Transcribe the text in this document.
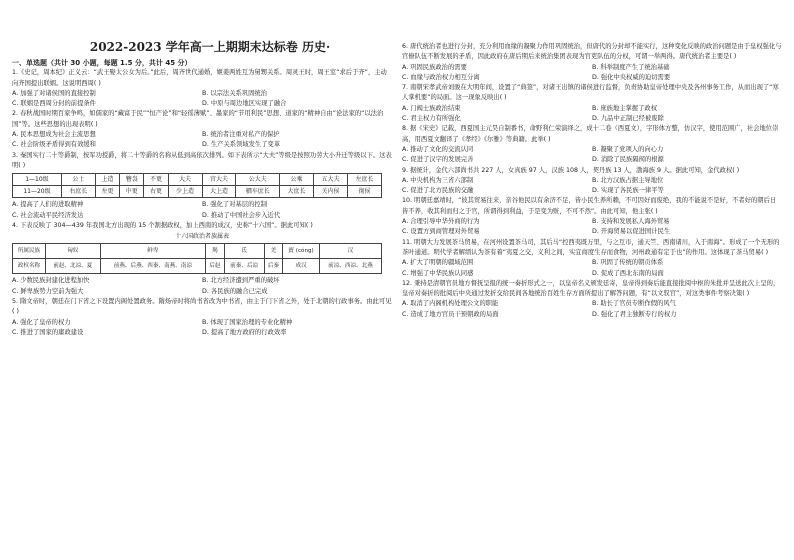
2022-2023 学年高一上期期末达标卷 历史·
一、单选题（共计 30 小题，每题 1.5 分，共计 45 分）

1.《史记，周本纪》正义云：“武王娶太公女为后。”此后，周齐世代通婚，姬姜两姓互为舅甥关系。周灵王时，周王室“求后于齐”，主动向齐国提出联姻。这说明西周( )

A. 加强了对诸侯国的直接控制	B. 以宗法关系巩固统治
C. 联姻是西周分封的前提条件	D. 中原与周边地区实现了融合

2. 春秋战国时期百家争鸣，如儒家的“藏富于民”“恒产论”和“轻徭薄赋”、墨家的“节用利民”思想、道家的“精神自由”论法家的“以法治国”等。这些思想的出现表明( )

A. 民本思想成为社会主流思想	B. 统治者注重对私产的保护
C. 社会阶级矛盾得到有效缓和	D. 生产关系领域发生了变革

3. 秦国实行二十等爵制，按军功授爵，将二十等爵的名称从低到高依次排列。如下表所示“大夫”等级是按照功劳大小升迁等级以下。这表明( )

1—10级	公士	上造	簪袅	不更	大夫	官大夫	公大夫	公乘	五大夫	左庶长
11—20级	右庶长	左更	中更	右更	少上造	大上造	驷车庶长	大庶长	关内侯	彻侯
A. 提高了人们的进取精神	B. 强化了对基层的控制
C. 社会流动平民经济发达	D. 推动了中国社会步入近代

4. 下表反映了 304—439 年我国北方出现的 15 个割据政权，加上西南的成汉，史称“十六国”。据此可知( )

十六国政治者族属表
所属民族	匈奴	鲜卑	羯	氐	羌	賨 (cóng)	汉
政权名称	前赵、北凉、夏	前燕、后燕、西秦、南燕、南凉	后赵	前秦、后凉	后秦	成汉	前凉、西凉、北燕
A. 少数民族封建化进程加快	B. 北方经济遭到严重的破坏
C. 鲜卑族势力空前为强大	D. 各民族的融合已完成

5. 隋文帝时，朝廷在门下省之下设置内阁处置政务。隋炀帝时将尚书省改为中书省，由主于门下省之外，处于北朝的行政事务。由此可见( )

A. 强化了皇帝的权力	B. 体现了国家治理的专业化精神
C. 推进了国家的庸政建设	D. 提高了地方政府的行政效率

6. 唐代统治者也进行分封，充分利用血缘的凝聚力作用巩固统治，但唐代的分封却不能实行，这种变化反映的政治问题是由于皇权强化与官僚队伍不断发展的矛盾，因此政府在唐后期后来统治集团表现为官吏队伍的分权，可谓一举两得。唐代统治者主要是( )

A. 巩固民族政治的需要	B. 科举制度产生了统治基础
C. 血缘与政治权力相互分离	D. 强化中央权威的迫切需要

7. 南朝宋孝武帝刘骏在大明年间，设置了“典签”，对诸王出镇的诸侯进行监督，负责协助皇帝处理中央及各州事务工作，从而出现了“寒人掌机要”的局面。这一现象反映出( )

A. 门阀士族政治结束	B. 庶族地主掌握了政权
C. 君主权力有所强化	D. 九品中正制已经被废除

8. 据《宋史》记载，西夏国主元昊自制番书，命野利仁荣演绎之，成十二卷（西夏文），字形体方整，仿汉字，使用范围广，社会地位崇高，用西夏文翻译了《孝经》《尔雅》等典籍。此举( )

A. 推动了文化的交流认同	B. 凝聚了党项人的向心力
C. 促进了汉字的发展完善	D. 消除了民族隔阂的根源

9. 据统计，金代六部尚书共 227 人，女真族 97 人，汉族 108 人，契丹族 13 人，渤海族 9 人。据此可知，金代政权( )

A. 中央机构为三省六部制	B. 北方汉族占据主导地位
C. 促进了北方民族的交融	D. 实现了各民族一律平等

10. 明朝廷嘉靖时，“彼其贸易往来，亲谷他民以有余济不足，皆小民生养所赖，不可因好而废绝，我的不能说不是好，不者好的朝后日皆不养，收其利而归之于官，所谓得到利益，于是变为赃，不可不然”。由此可知，他主张( )

A. 合理引导中华外商的行为	B. 支持和发展私人海外贸易
C. 设置方到商管理对外贸易	D. 开海贸易以促进国计民生

11. 明朝大力发展茶马贸易，在河州设置茶马司，其后马“控西夷既万里，与之互市，通天竺、西南诸川，入于南海”。形成了一个无形的茶叶通道。明代学者解缙认为茶有着“夷夏之交，义利之间，实宜商度生存而食物，河州政通有定于也”的作用。这体现了茶马贸易( )

A. 扩大了明朝的疆域范围	B. 巩固了传统的朝贡体系
C. 增强了中华民族认同感	D. 促成了西北东南的局面

12. 秉持是清朝官员地方督抚呈报的统一奏折形式之一，以皇帝名义颁发廷寄，皇帝得到奏后能直接批阅中枢的朱批并呈送此次上呈的，皇帝对奏折的批阅后中央通过发折交给民间各地统治百姓生存方面所提出了解答问题，有“以文驭官”，对这类事件考察决策( )

A. 取消了内阁机构处理公文的职能	B. 助长了官员专断作假的风气
C. 造成了地方官员干预朝政的局面	D. 强化了君主独断专行的权力
